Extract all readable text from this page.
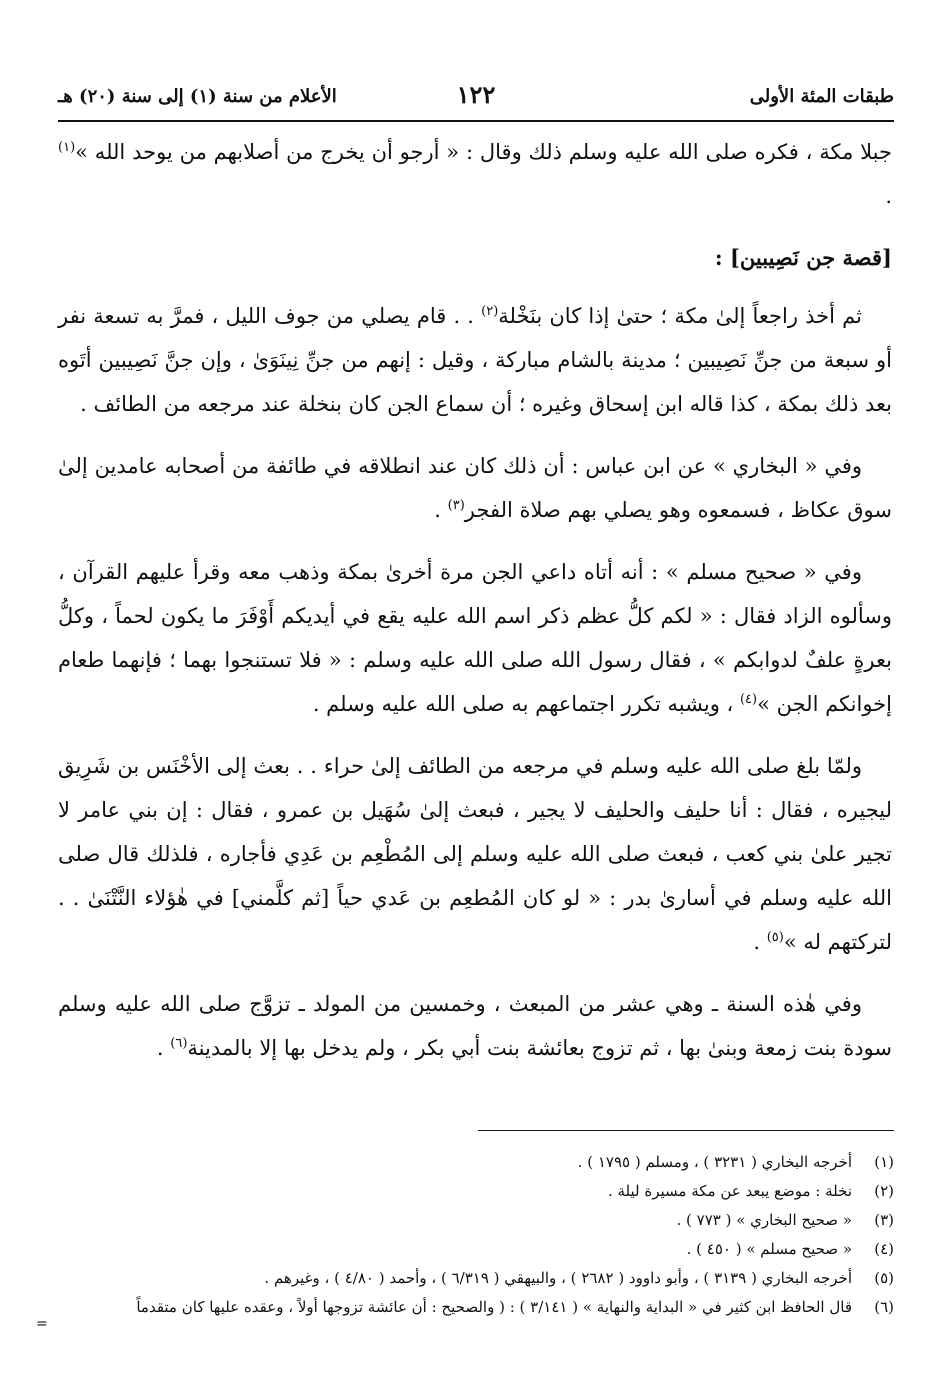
طبقات المئة الأولى
١٢٢
الأعلام من سنة (١) إلى سنة (٢٠) هـ

جبلا مكة ، فكره صلى الله عليه وسلم ذلك وقال : « أرجو أن يخرج من أصلابهم من يوحد الله »$^{(١)}$ .

[قصة جن نَصِيبين] :

ثم أخذ راجعاً إلىٰ مكة ؛ حتىٰ إذا كان بنَخْلة$^{(٢)}$ . . قام يصلي من جوف الليل ، فمرَّ به تسعة نفر أو سبعة من جنِّ نَصِيبين ؛ مدينة بالشام مباركة ، وقيل : إنهم من جنِّ نِينَوَىٰ ، وإن جنَّ نَصِيبين أتَوه بعد ذلك بمكة ، كذا قاله ابن إسحاق وغيره ؛ أن سماع الجن كان بنخلة عند مرجعه من الطائف .

وفي « البخاري » عن ابن عباس : أن ذلك كان عند انطلاقه في طائفة من أصحابه عامدين إلىٰ سوق عكاظ ، فسمعوه وهو يصلي بهم صلاة الفجر$^{(٣)}$ .

وفي « صحيح مسلم » : أنه أتاه داعي الجن مرة أخرىٰ بمكة وذهب معه وقرأ عليهم القرآن ، وسألوه الزاد فقال : « لكم كلُّ عظم ذكر اسم الله عليه يقع في أيديكم أَوْفَرَ ما يكون لحماً ، وكلُّ بعرةٍ علفٌ لدوابكم » ، فقال رسول الله صلى الله عليه وسلم : « فلا تستنجوا بهما ؛ فإنهما طعام إخوانكم الجن »$^{(٤)}$ ، ويشبه تكرر اجتماعهم به صلى الله عليه وسلم .

ولمّا بلغ صلى الله عليه وسلم في مرجعه من الطائف إلىٰ حراء . . بعث إلى الأخْنَس بن شَرِيق ليجيره ، فقال : أنا حليف والحليف لا يجير ، فبعث إلىٰ سُهَيل بن عمرو ، فقال : إن بني عامر لا تجير علىٰ بني كعب ، فبعث صلى الله عليه وسلم إلى المُطْعِم بن عَدِي فأجاره ، فلذلك قال صلى الله عليه وسلم في أسارىٰ بدر : « لو كان المُطعِم بن عَدي حياً [ثم كلَّمني] في هٰؤلاء النَّتْنَىٰ . . لتركتهم له »$^{(٥)}$ .

وفي هٰذه السنة ـ وهي عشر من المبعث ، وخمسين من المولد ـ تزوَّج صلى الله عليه وسلم سودة بنت زمعة وبنىٰ بها ، ثم تزوج بعائشة بنت أبي بكر ، ولم يدخل بها إلا بالمدينة$^{(٦)}$ .

(١)
أخرجه البخاري ( ٣٢٣١ ) ، ومسلم ( ١٧٩٥ ) .
(٢)
نخلة : موضع يبعد عن مكة مسيرة ليلة .
(٣)
« صحيح البخاري » ( ٧٧٣ ) .
(٤)
« صحيح مسلم » ( ٤٥٠ ) .
(٥)
أخرجه البخاري ( ٣١٣٩ ) ، وأبو داوود ( ٢٦٨٢ ) ، والبيهقي ( ٦/٣١٩ ) ، وأحمد ( ٤/٨٠ ) ، وغيرهم .
(٦)
قال الحافظ ابن كثير في « البداية والنهاية » ( ٣/١٤١ ) : ( والصحيح : أن عائشة تزوجها أولاً ، وعقده عليها كان متقدماً
=
